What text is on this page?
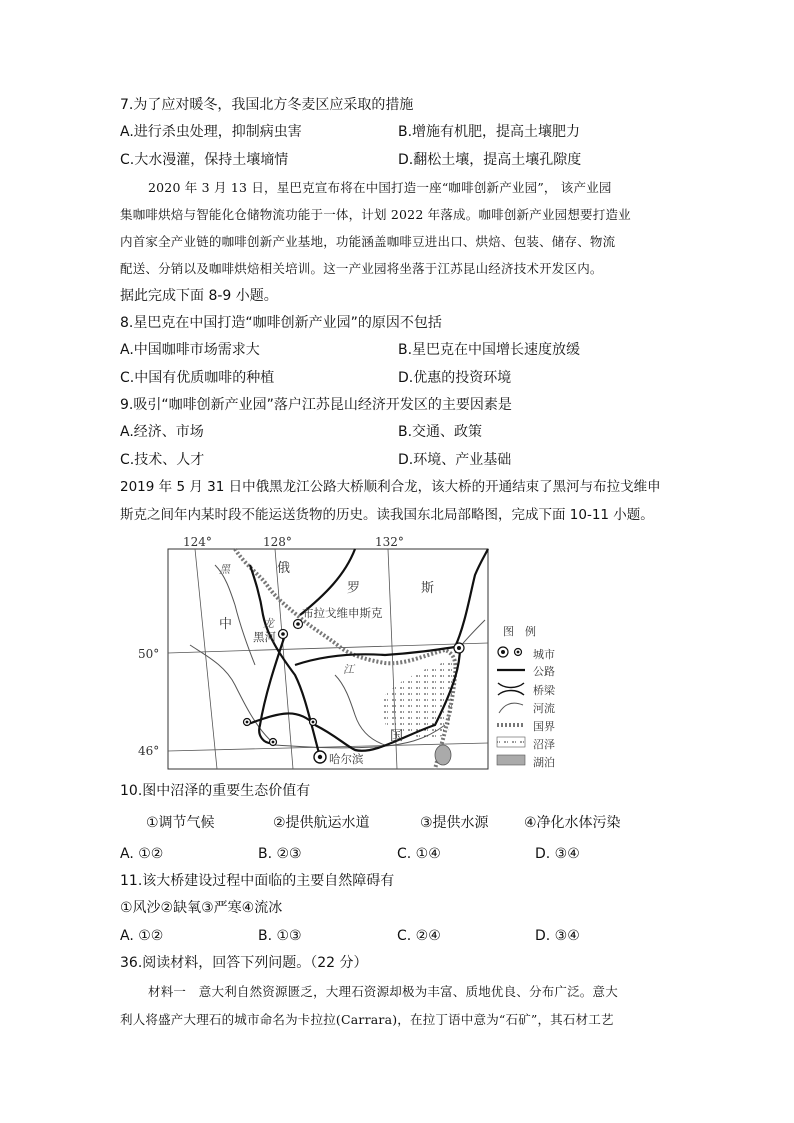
7.为了应对暖冬，我国北方冬麦区应采取的措施
A.进行杀虫处理，抑制病虫害	B.增施有机肥，提高土壤肥力
C.大水漫灌，保持土壤墒情	D.翻松土壤，提高土壤孔隙度
2020 年 3 月 13 日，星巴克宣布将在中国打造一座“咖啡创新产业园”， 该产业园
集咖啡烘焙与智能化仓储物流功能于一体，计划 2022 年落成。咖啡创新产业园想要打造业
内首家全产业链的咖啡创新产业基地，功能涵盖咖啡豆进出口、烘焙、包装、储存、物流
配送、分销以及咖啡烘焙相关培训。这一产业园将坐落于江苏昆山经济技术开发区内。
据此完成下面 8-9 小题。
8.星巴克在中国打造“咖啡创新产业园”的原因不包括
A.中国咖啡市场需求大	B.星巴克在中国增长速度放缓
C.中国有优质咖啡的种植	D.优惠的投资环境
9.吸引“咖啡创新产业园”落户江苏昆山经济开发区的主要因素是
A.经济、市场	B.交通、政策
C.技术、人才	D.环境、产业基础
2019 年 5 月 31 日中俄黑龙江公路大桥顺利合龙，该大桥的开通结束了黑河与布拉戈维申
斯克之间年内某时段不能运送货物的历史。读我国东北局部略图，完成下面 10-11 小题。
124°	128°	132°
50°
46°
俄
罗	斯
中
国
黑
龙
江
布拉戈维申斯克
黑河
哈尔滨
图　例
城市
公路
桥梁
河流
国界
沼泽
湖泊
10.图中沼泽的重要生态价值有
①调节气候	②提供航运水道	③提供水源	④净化水体污染
A. ①②	B. ②③	C. ①④	D. ③④
11.该大桥建设过程中面临的主要自然障碍有
①风沙②缺氧③严寒④流冰
A. ①②	B. ①③	C. ②④	D. ③④
36.阅读材料，回答下列问题。（22 分）
材料一　意大利自然资源匮乏，大理石资源却极为丰富、质地优良、分布广泛。意大
利人将盛产大理石的城市命名为卡拉拉(Carrara)，在拉丁语中意为“石矿”，其石材工艺
